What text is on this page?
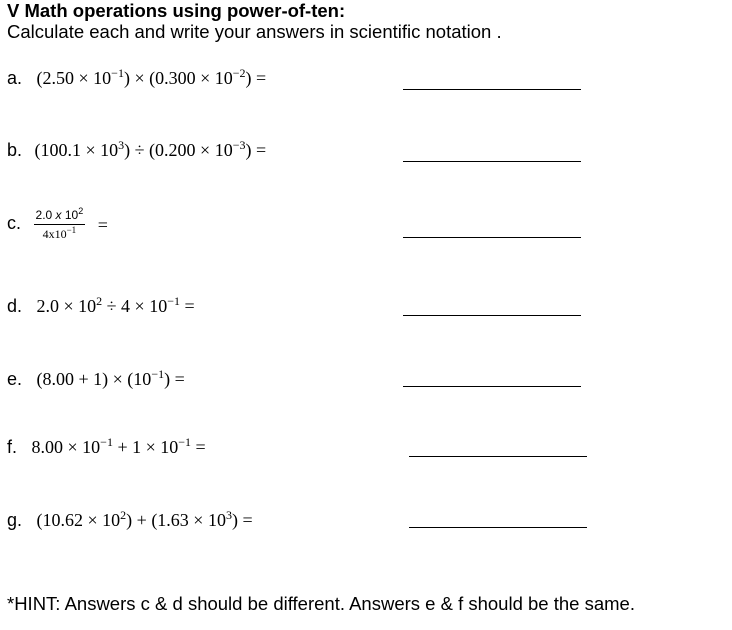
V Math operations using power-of-ten:
Calculate each and write your answers in scientific notation .
a. $(2.50 \times 10^{-1}) \times (0.300 \times 10^{-2})$ =
b. $(100.1 \times 10^3) \div (0.200 \times 10^{-3})$ =
c. $\frac{2.0 x 10^2}{4x10^{-1}}$ =
d. $2.0 \times 10^2 \div 4 \times 10^{-1}$ =
e. $(8.00 + 1) \times (10^{-1})$ =
f. $8.00 \times 10^{-1} + 1 \times 10^{-1}$ =
g. $(10.62 \times 10^2) + (1.63 \times 10^3)$ =
*HINT: Answers c & d should be different. Answers e & f should be the same.
